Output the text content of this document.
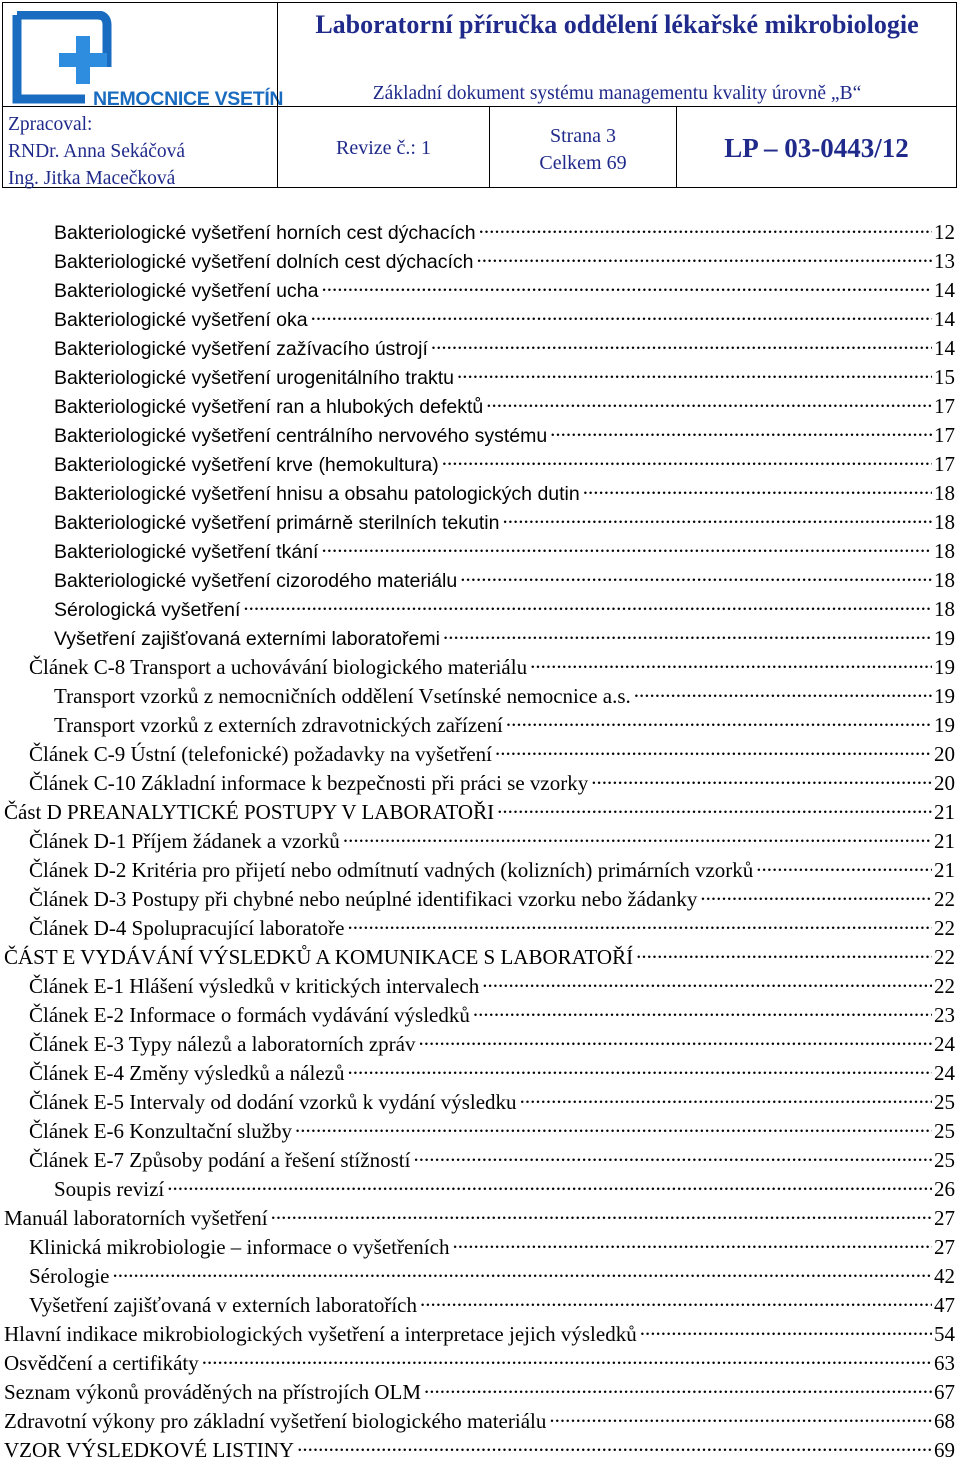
NEMOCNICE VSETÍN
Laboratorní příručka oddělení lékařské mikrobiologie
Základní dokument systému managementu kvality úrovně „B“
Zpracoval:
RNDr. Anna Sekáčová
Ing. Jitka Macečková
Revize č.: 1
Strana 3
Celkem 69	LP – 03-0443/12
Bakteriologické vyšetření horních cest dýchacích .....	12
Bakteriologické vyšetření dolních cest dýchacích .....	13
Bakteriologické vyšetření ucha .....	14
Bakteriologické vyšetření oka .....	14
Bakteriologické vyšetření zažívacího ústrojí .....	14
Bakteriologické vyšetření urogenitálního traktu .....	15
Bakteriologické vyšetření ran a hlubokých defektů .....	17
Bakteriologické vyšetření centrálního nervového systému .....	17
Bakteriologické vyšetření krve (hemokultura) .....	17
Bakteriologické vyšetření hnisu a obsahu patologických dutin .....	18
Bakteriologické vyšetření primárně sterilních tekutin .....	18
Bakteriologické vyšetření tkání .....	18
Bakteriologické vyšetření cizorodého materiálu .....	18
Sérologická vyšetření .....	18
Vyšetření zajišťovaná externími laboratořemi .....	19
Článek C-8 Transport a uchovávání biologického materiálu .....	19
Transport vzorků z nemocničních oddělení Vsetínské nemocnice a.s. .....	19
Transport vzorků z externích zdravotnických zařízení .....	19
Článek C-9 Ústní (telefonické) požadavky na vyšetření .....	20
Článek C-10 Základní informace k bezpečnosti při práci se vzorky .....	20
Část D PREANALYTICKÉ POSTUPY V LABORATOŘI .....	21
Článek D-1 Příjem žádanek a vzorků .....	21
Článek D-2 Kritéria pro přijetí nebo odmítnutí vadných (kolizních) primárních vzorků .....	21
Článek D-3 Postupy při chybné nebo neúplné identifikaci vzorku nebo žádanky .....	22
Článek D-4 Spolupracující laboratoře .....	22
ČÁST E VYDÁVÁNÍ VÝSLEDKŮ A KOMUNIKACE S LABORATOŘÍ .....	22
Článek E-1 Hlášení výsledků v kritických intervalech .....	22
Článek E-2 Informace o formách vydávání výsledků .....	23
Článek E-3 Typy nálezů a laboratorních zpráv .....	24
Článek E-4 Změny výsledků a nálezů .....	24
Článek E-5 Intervaly od dodání vzorků k vydání výsledku .....	25
Článek E-6 Konzultační služby .....	25
Článek E-7 Způsoby podání a řešení stížností .....	25
Soupis revizí .....	26
Manuál laboratorních vyšetření .....	27
Klinická mikrobiologie – informace o vyšetřeních .....	27
Sérologie .....	42
Vyšetření zajišťovaná v externích laboratořích .....	47
Hlavní indikace mikrobiologických vyšetření a interpretace jejich výsledků .....	54
Osvědčení a certifikáty .....	63
Seznam výkonů prováděných na přístrojích OLM .....	67
Zdravotní výkony pro základní vyšetření biologického materiálu .....	68
VZOR VÝSLEDKOVÉ LISTINY .....	69
